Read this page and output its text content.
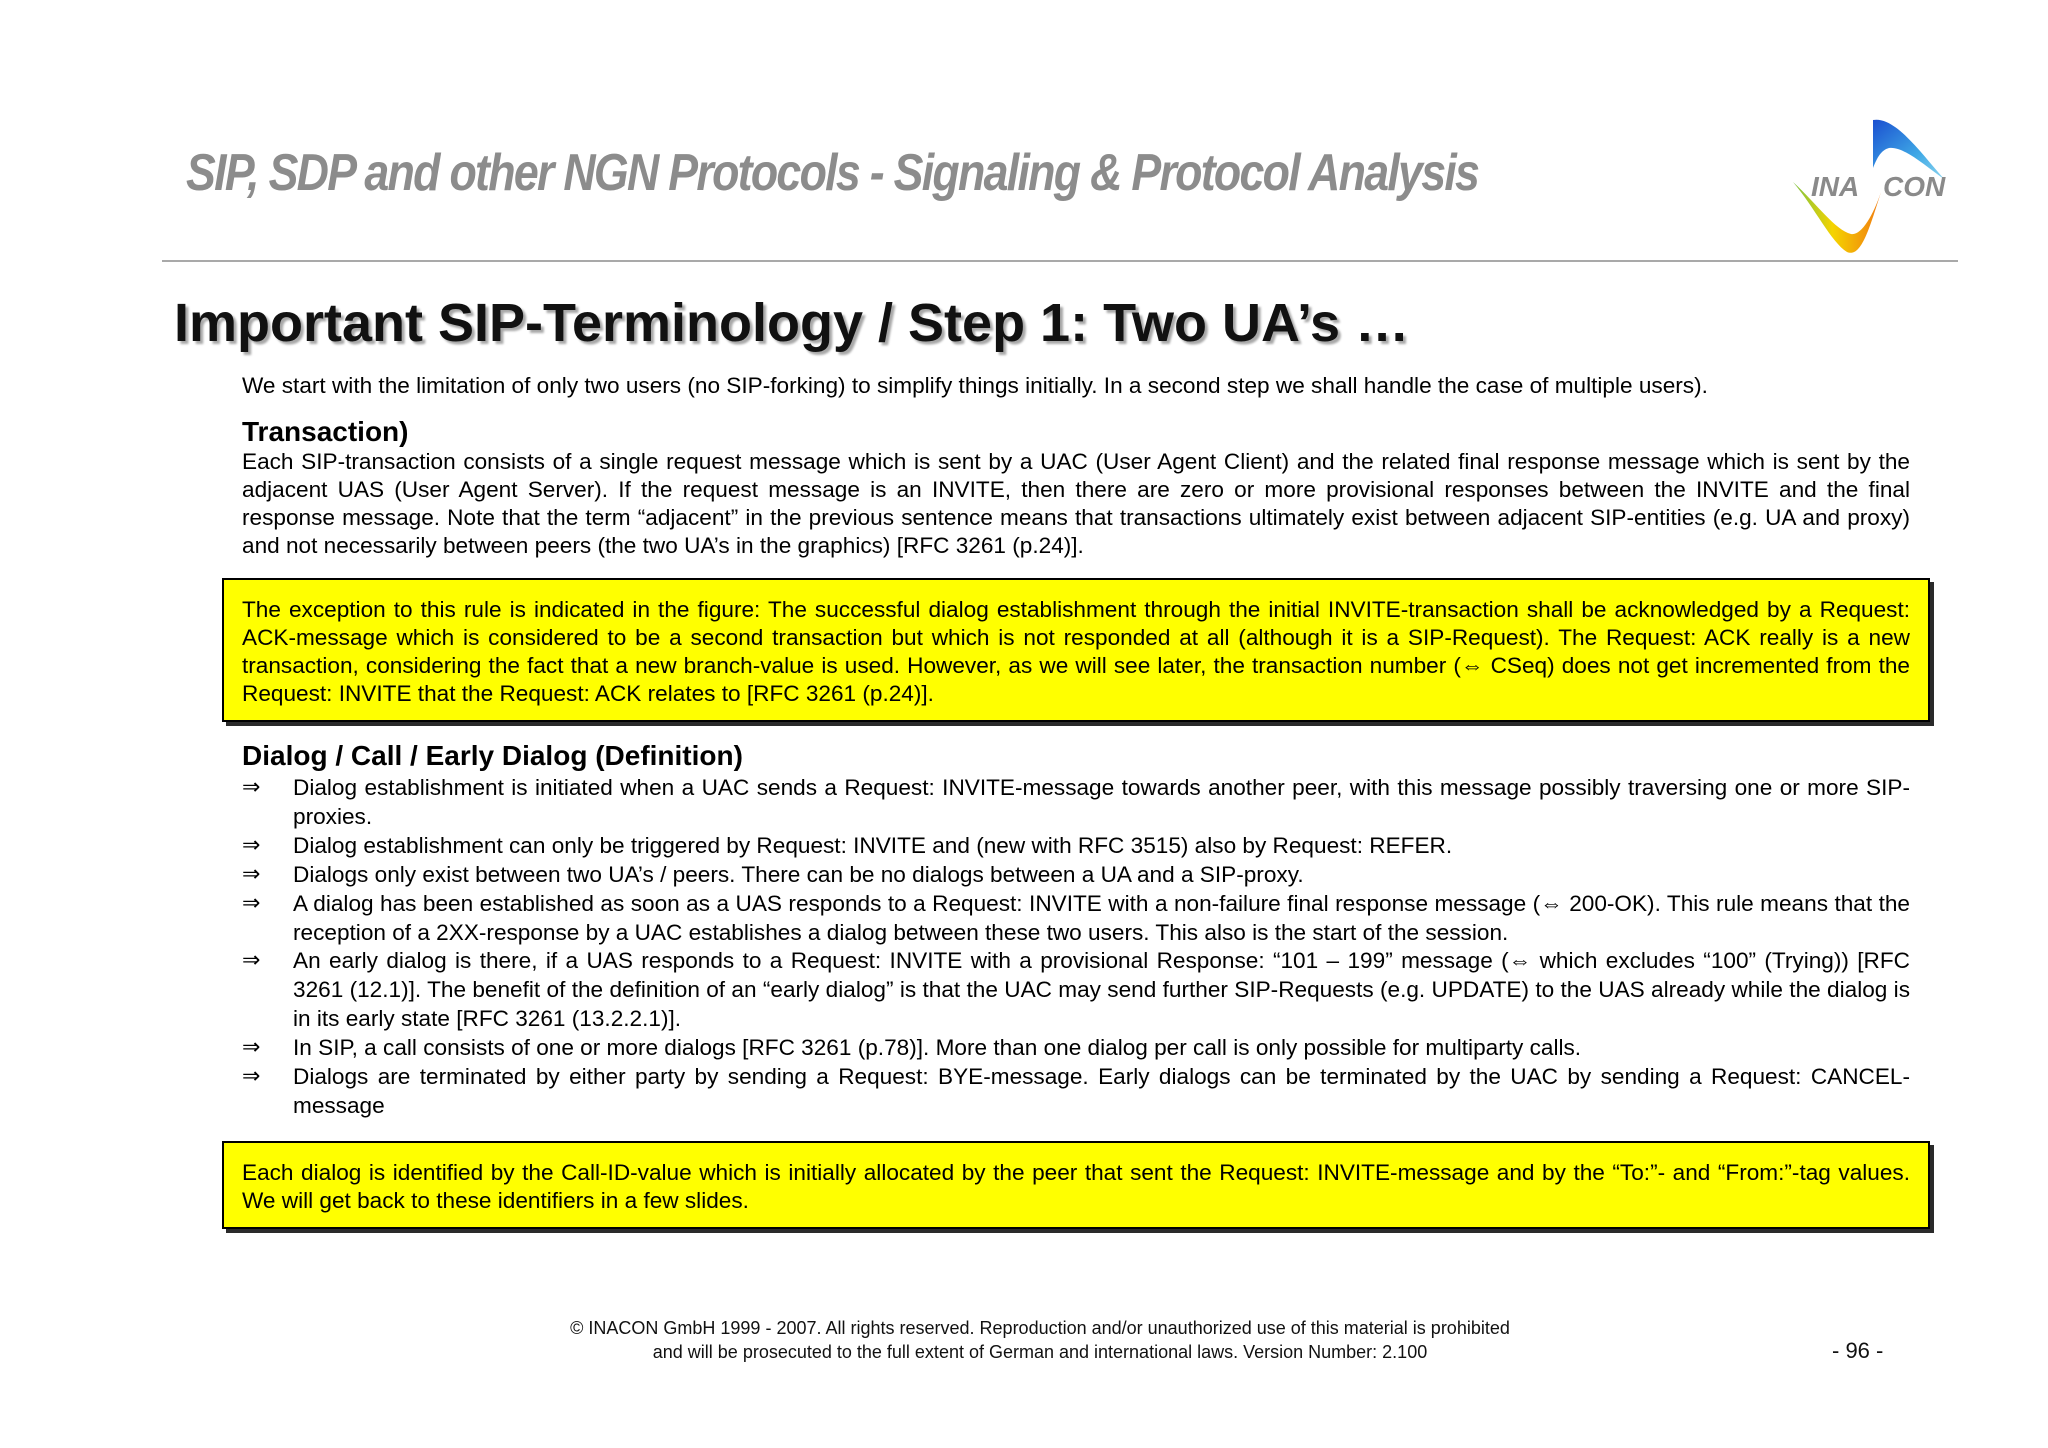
SIP, SDP and other NGN Protocols - Signaling & Protocol Analysis	INA CON
Important SIP-Terminology / Step 1: Two UA’s …

We start with the limitation of only two users (no SIP-forking) to simplify things initially. In a second step we shall handle the case of multiple users).

Transaction)

Each SIP-transaction consists of a single request message which is sent by a UAC (User Agent Client) and the related final response message which is sent by the adjacent UAS (User Agent Server). If the request message is an INVITE, then there are zero or more provisional responses between the INVITE and the final response message. Note that the term “adjacent” in the previous sentence means that transactions ultimately exist between adjacent SIP-entities (e.g. UA and proxy) and not necessarily between peers (the two UA’s in the graphics) [RFC 3261 (p.24)].

The exception to this rule is indicated in the figure: The successful dialog establishment through the initial INVITE-transaction shall be acknowledged by a Request: ACK-message which is considered to be a second transaction but which is not responded at all (although it is a SIP-Request). The Request: ACK really is a new transaction, considering the fact that a new branch-value is used. However, as we will see later, the transaction number (⇔ CSeq) does not get incremented from the Request: INVITE that the Request: ACK relates to [RFC 3261 (p.24)].

Dialog / Call / Early Dialog (Definition)

⇒ Dialog establishment is initiated when a UAC sends a Request: INVITE-message towards another peer, with this message possibly traversing one or more SIP-proxies.
⇒ Dialog establishment can only be triggered by Request: INVITE and (new with RFC 3515) also by Request: REFER.
⇒ Dialogs only exist between two UA’s / peers. There can be no dialogs between a UA and a SIP-proxy.
⇒ A dialog has been established as soon as a UAS responds to a Request: INVITE with a non-failure final response message (⇔ 200-OK). This rule means that the reception of a 2XX-response by a UAC establishes a dialog between these two users. This also is the start of the session.
⇒ An early dialog is there, if a UAS responds to a Request: INVITE with a provisional Response: “101 – 199” message (⇔ which excludes “100” (Trying)) [RFC 3261 (12.1)]. The benefit of the definition of an “early dialog” is that the UAC may send further SIP-Requests (e.g. UPDATE) to the UAS already while the dialog is in its early state [RFC 3261 (13.2.2.1)].
⇒ In SIP, a call consists of one or more dialogs [RFC 3261 (p.78)]. More than one dialog per call is only possible for multiparty calls.
⇒ Dialogs are terminated by either party by sending a Request: BYE-message. Early dialogs can be terminated by the UAC by sending a Request: CANCEL-message

Each dialog is identified by the Call-ID-value which is initially allocated by the peer that sent the Request: INVITE-message and by the “To:”- and “From:”-tag values. We will get back to these identifiers in a few slides.

© INACON GmbH 1999 - 2007. All rights reserved. Reproduction and/or unauthorized use of this material is prohibited
and will be prosecuted to the full extent of German and international laws. Version Number: 2.100	- 96 -
